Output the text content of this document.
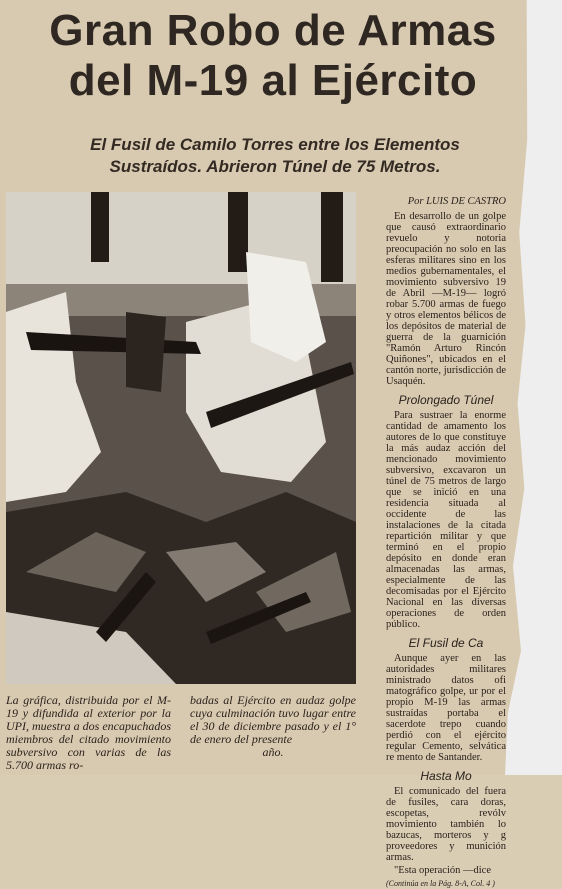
Gran Robo de Armas
del M-19 al Ejército
El Fusil de Camilo Torres entre los Elementos
Sustraídos. Abrieron Túnel de 75 Metros.
La gráfica, distribuida por el M-19 y difundida al exterior por la UPI, muestra a dos encapuchados miembros del citado movimiento subversivo con varias de las 5.700 armas ro-
badas al Ejército en audaz golpe cuya culminación tuvo lugar entre el 30 de diciembre pasado y el 1° de enero del presente
año.
Por LUIS DE CASTRO

En desarrollo de un golpe que causó extraordinario revuelo y notoria preocupación no solo en las esferas militares sino en los medios gubernamentales, el movimiento subversivo 19 de Abril —M-19— logró robar 5.700 armas de fuego y otros elementos bélicos de los depósitos de material de guerra de la guarnición "Ramón Arturo Rincón Quiñones", ubicados en el cantón norte, jurisdicción de Usaquén.

Prolongado Túnel

Para sustraer la enorme cantidad de amamento los autores de lo que constituye la más audaz acción del mencionado movimiento subversivo, excavaron un túnel de 75 metros de largo que se inició en una residencia situada al occidente de las instalaciones de la citada repartición militar y que terminó en el propio depósito en donde eran almacenadas las armas, especialmente de las decomisadas por el Ejército Nacional en las diversas operaciones de orden público.

El Fusil de Ca

Aunque ayer en las autoridades militares ministrado datos ofi matográfico golpe, ur por el propio M-19 las armas sustraídas portaba el sacerdote trepo cuando perdió con el ejército regular Cemento, selvática re mento de Santander.

Hasta Mo

El comunicado del fuera de fusiles, cara doras, escopetas, revólv movimiento también lo bazucas, morteros y g proveedores y munición armas.

"Esta operación —dice

(Continúa en la Pág. 8-A, Col. 4 )
